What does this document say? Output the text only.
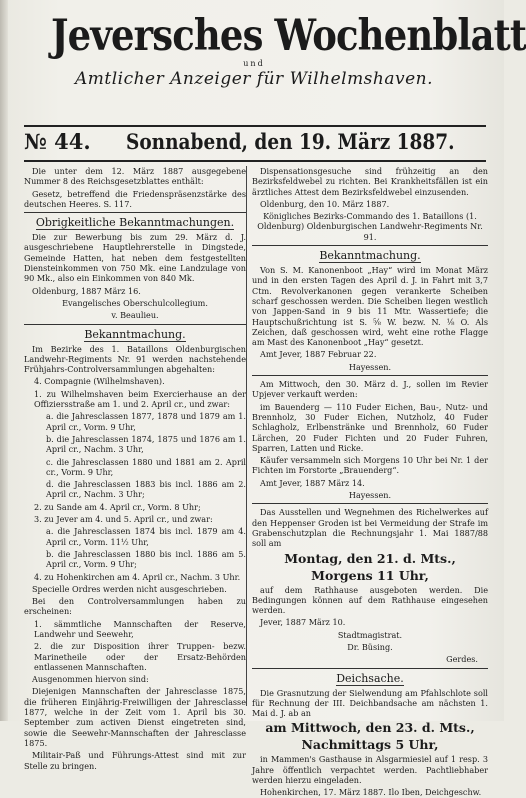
Jeversches Wochenblatt
und
Amtlicher Anzeiger für Wilhelmshaven.
№ 44. Sonnabend, den 19. März 1887.

Die unter dem 12. März 1887 ausgegebene Nummer 8 des Reichsgesetzblattes enthält:

Gesetz, betreffend die Friedenspräsenzstärke des deutschen Heeres. S. 117.

Obrigkeitliche Bekanntmachungen.

Die zur Bewerbung bis zum 29. März d. J. ausgeschriebene Hauptlehrerstelle in Dingstede, Gemeinde Hatten, hat neben dem festgestellten Diensteinkommen von 750 Mk. eine Landzulage von 90 Mk., also ein Einkommen von 840 Mk.

Oldenburg, 1887 März 16.

Evangelisches Oberschulcollegium.

v. Beaulieu.

Bekanntmachung.

Im Bezirke des 1. Bataillons Oldenburgischen Landwehr-Regiments Nr. 91 werden nachstehende Frühjahrs-Controlversammlungen abgehalten:

4. Compagnie (Wilhelmshaven).

1. zu Wilhelmshaven beim Exercierhause an der Offiziersstraße am 1. und 2. April cr., und zwar:

a. die Jahresclassen 1877, 1878 und 1879 am 1. April cr., Vorm. 9 Uhr,

b. die Jahresclassen 1874, 1875 und 1876 am 1. April cr., Nachm. 3 Uhr,

c. die Jahresclassen 1880 und 1881 am 2. April cr., Vorm. 9 Uhr,

d. die Jahresclassen 1883 bis incl. 1886 am 2. April cr., Nachm. 3 Uhr;

2. zu Sande am 4. April cr., Vorm. 8 Uhr;

3. zu Jever am 4. und 5. April cr., und zwar:

a. die Jahresclassen 1874 bis incl. 1879 am 4. April cr., Vorm. 11½ Uhr,

b. die Jahresclassen 1880 bis incl. 1886 am 5. April cr., Vorm. 9 Uhr;

4. zu Hohenkirchen am 4. April cr., Nachm. 3 Uhr.

Specielle Ordres werden nicht ausgeschrieben.

Bei den Controlversammlungen haben zu erscheinen:

1. sämmtliche Mannschaften der Reserve, Landwehr und Seewehr,

2. die zur Disposition ihrer Truppen- bezw. Marinetheile oder der Ersatz-Behörden entlassenen Mannschaften.

Ausgenommen hiervon sind:

Diejenigen Mannschaften der Jahresclasse 1875, die früheren Einjährig-Freiwilligen der Jahresclasse 1877, welche in der Zeit vom 1. April bis 30. September zum activen Dienst eingetreten sind, sowie die Seewehr-Mannschaften der Jahresclasse 1875.

Militair-Paß und Führungs-Attest sind mit zur Stelle zu bringen.

Dispensationsgesuche sind frühzeitig an den Bezirksfeldwebel zu richten. Bei Krankheitsfällen ist ein ärztliches Attest dem Bezirksfeldwebel einzusenden.

Oldenburg, den 10. März 1887.

Königliches Bezirks-Commando des 1. Bataillons (1. Oldenburg) Oldenburgischen Landwehr-Regiments Nr. 91.

Bekanntmachung.

Von S. M. Kanonenboot „Hay“ wird im Monat März und in den ersten Tagen des April d. J. in Fahrt mit 3,7 Ctm. Revolverkanonen gegen verankerte Scheiben scharf geschossen werden. Die Scheiben liegen westlich von Jappen-Sand in 9 bis 11 Mtr. Wassertiefe; die Hauptschußrichtung ist S. ⅝ W. bezw. N. ⅛ O. Als Zeichen, daß geschossen wird, weht eine rothe Flagge am Mast des Kanonenboot „Hay“ gesetzt.

Amt Jever, 1887 Februar 22.

Hayessen.

Am Mittwoch, den 30. März d. J., sollen im Revier Upjever verkauft werden:

im Bauenderg — 110 Fuder Eichen, Bau-, Nutz- und Brennholz, 30 Fuder Eichen, Nutzholz, 40 Fuder Schlagholz, Erlbenstränke und Brennholz, 60 Fuder Lärchen, 20 Fuder Fichten und 20 Fuder Fuhren, Sparren, Latten und Ricke.

Käufer versammeln sich Morgens 10 Uhr bei Nr. 1 der Fichten im Forstorte „Brauenderg“.

Amt Jever, 1887 März 14.

Hayessen.

Das Ausstellen und Wegnehmen des Richelwerkes auf den Heppenser Groden ist bei Vermeidung der Strafe im Grabenschutzplan die Rechnungsjahr 1. Mai 1887/88 soll am

Montag, den 21. d. Mts.,
Morgens 11 Uhr,

auf dem Rathhause ausgeboten werden. Die Bedingungen können auf dem Rathhause eingesehen werden.

Jever, 1887 März 10.

Stadtmagistrat.

Dr. Büsing.

Gerdes.

Deichsache.

Die Grasnutzung der Sielwendung am Pfahlschlote soll für Rechnung der III. Deichbandsache am nächsten 1. Mai d. J. ab an

am Mittwoch, den 23. d. Mts.,
Nachmittags 5 Uhr,

in Mammen's Gasthause in Alsgarmiesiel auf 1 resp. 3 Jahre öffentlich verpachtet werden. Pachtliebhaber werden hierzu eingeladen.

Hohenkirchen, 17. März 1887. Ilo Iben, Deichgeschw.
